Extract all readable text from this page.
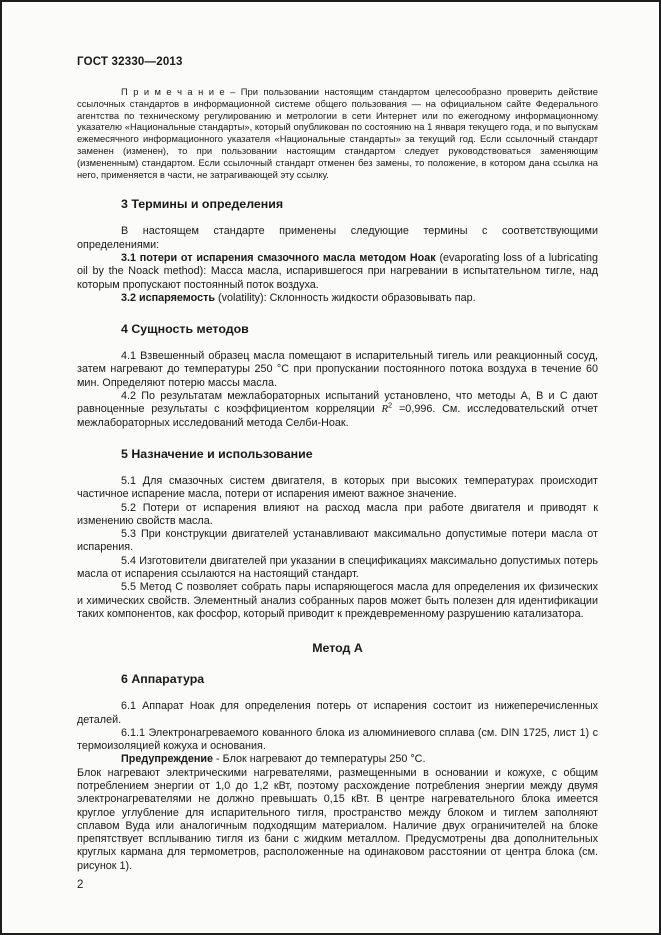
ГОСТ 32330—2013

П р и м е ч а н и е – При пользовании настоящим стандартом целесообразно проверить действие ссылочных стандартов в информационной системе общего пользования — на официальном сайте Федерального агентства по техническому регулированию и метрологии в сети Интернет или по ежегодному информационному указателю «Национальные стандарты», который опубликован по состоянию на 1 января текущего года, и по выпускам ежемесячного информационного указателя «Национальные стандарты» за текущий год. Если ссылочный стандарт заменен (изменен), то при пользовании настоящим стандартом следует руководствоваться заменяющим (измененным) стандартом. Если ссылочный стандарт отменен без замены, то положение, в котором дана ссылка на него, применяется в части, не затрагивающей эту ссылку.

3 Термины и определения

В настоящем стандарте применены следующие термины с соответствующими определениями:

3.1 потери от испарения смазочного масла методом Ноак (evaporating loss of a lubricating oil by the Noack method): Масса масла, испарившегося при нагревании в испытательном тигле, над которым пропускают постоянный поток воздуха.

3.2 испаряемость (volatility): Склонность жидкости образовывать пар.

4 Сущность методов

4.1 Взвешенный образец масла помещают в испарительный тигель или реакционный сосуд, затем нагревают до температуры 250 °С при пропускании постоянного потока воздуха в течение 60 мин. Определяют потерю массы масла.

4.2 По результатам межлабораторных испытаний установлено, что методы А, В и С дают равноценные результаты с коэффициентом корреляции $R^2 =0,996$. См. исследовательский отчет межлабораторных исследований метода Селби-Ноак.

5 Назначение и использование

5.1 Для смазочных систем двигателя, в которых при высоких температурах происходит частичное испарение масла, потери от испарения имеют важное значение.

5.2 Потери от испарения влияют на расход масла при работе двигателя и приводят к изменению свойств масла.

5.3 При конструкции двигателей устанавливают максимально допустимые потери масла от испарения.

5.4 Изготовители двигателей при указании в спецификациях максимально допустимых потерь масла от испарения ссылаются на настоящий стандарт.

5.5 Метод С позволяет собрать пары испаряющегося масла для определения их физических и химических свойств. Элементный анализ собранных паров может быть полезен для идентификации таких компонентов, как фосфор, который приводит к преждевременному разрушению катализатора.

Метод А
6 Аппаратура

6.1 Аппарат Ноак для определения потерь от испарения состоит из нижеперечисленных деталей.

6.1.1 Электронагреваемого кованного блока из алюминиевого сплава (см. DIN 1725, лист 1) с термоизоляцией кожуха и основания.

Предупреждение - Блок нагревают до температуры 250 °С.

Блок нагревают электрическими нагревателями, размещенными в основании и кожухе, с общим потреблением энергии от 1,0 до 1,2 кВт, поэтому расхождение потребления энергии между двумя электронагревателями не должно превышать 0,15 кВт. В центре нагревательного блока имеется круглое углубление для испарительного тигля, пространство между блоком и тиглем заполняют сплавом Вуда или аналогичным подходящим материалом. Наличие двух ограничителей на блоке препятствует всплыванию тигля из бани с жидким металлом. Предусмотрены два дополнительных круглых кармана для термометров, расположенные на одинаковом расстоянии от центра блока (см. рисунок 1).

2
